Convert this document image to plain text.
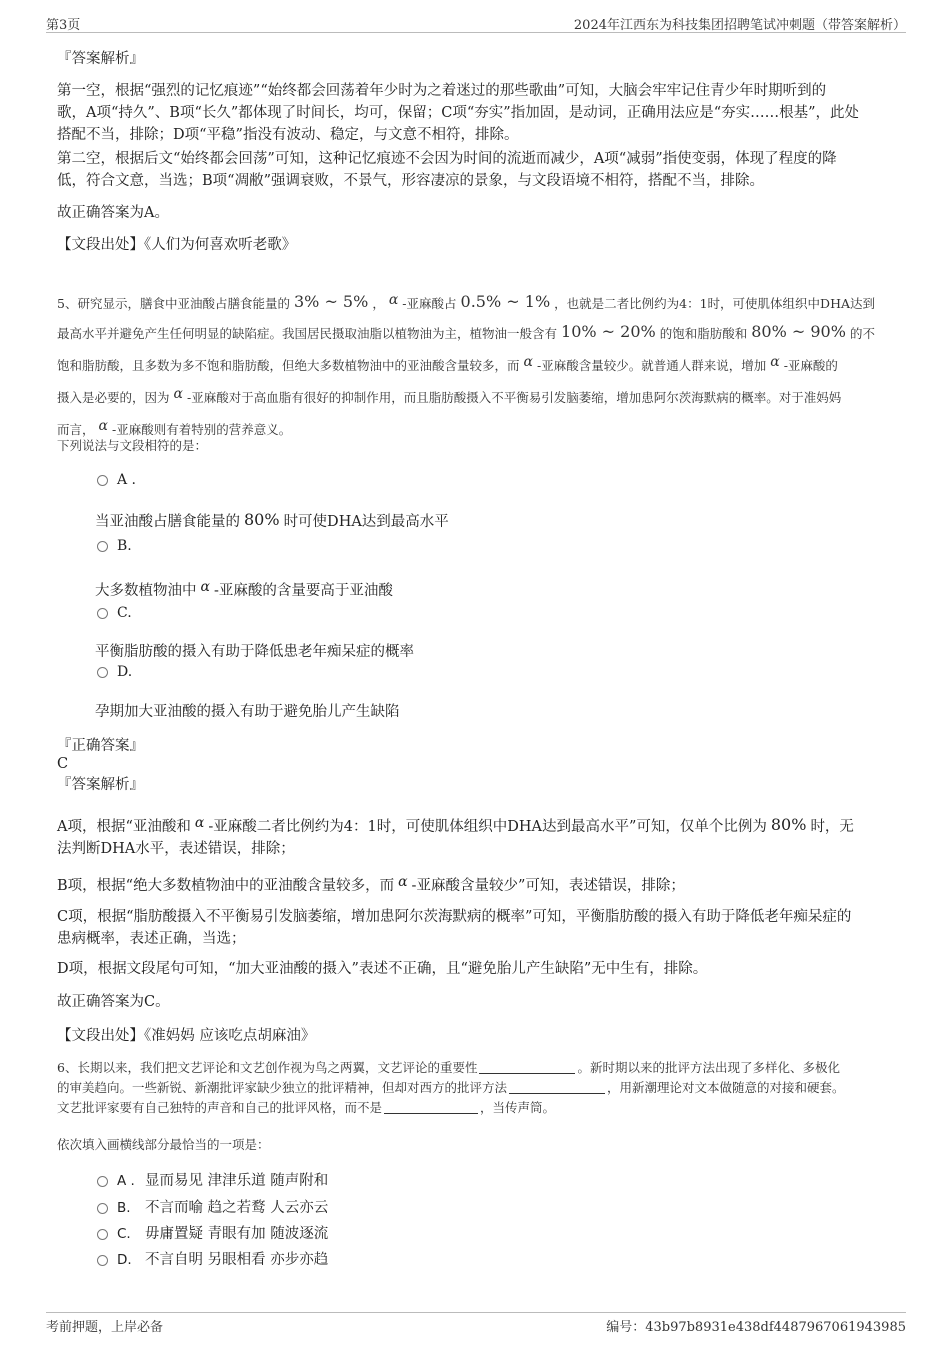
第3页	2024年江西东为科技集团招聘笔试冲刺题（带答案解析）
『答案解析』
第一空，根据“强烈的记忆痕迹”“始终都会回荡着年少时为之着迷过的那些歌曲”可知，大脑会牢牢记住青少年时期听到的
歌，A项“持久”、B项“长久”都体现了时间长，均可，保留；C项“夯实”指加固，是动词，正确用法应是“夯实……根基”，此处
搭配不当，排除；D项“平稳”指没有波动、稳定，与文意不相符，排除。
第二空，根据后文“始终都会回荡”可知，这种记忆痕迹不会因为时间的流逝而减少，A项“减弱”指使变弱，体现了程度的降
低，符合文意，当选；B项“凋敝”强调衰败，不景气，形容凄凉的景象，与文段语境不相符，搭配不当，排除。
故正确答案为A。
【文段出处】《人们为何喜欢听老歌》
5、研究显示，膳食中亚油酸占膳食能量的 3% ~ 5% ， α -亚麻酸占 0.5% ~ 1% ，也就是二者比例约为4：1时，可使肌体组织中DHA达到
最高水平并避免产生任何明显的缺陷症。我国居民摄取油脂以植物油为主，植物油一般含有 10% ~ 20% 的饱和脂肪酸和 80% ~ 90% 的不
饱和脂肪酸，且多数为多不饱和脂肪酸，但绝大多数植物油中的亚油酸含量较多，而 α -亚麻酸含量较少。就普通人群来说，增加 α -亚麻酸的
摄入是必要的，因为 α -亚麻酸对于高血脂有很好的抑制作用，而且脂肪酸摄入不平衡易引发脑萎缩，增加患阿尔茨海默病的概率。对于准妈妈
而言， α -亚麻酸则有着特别的营养意义。
下列说法与文段相符的是：
A .
当亚油酸占膳食能量的 80% 时可使DHA达到最高水平
B.
大多数植物油中 α -亚麻酸的含量要高于亚油酸
C.
平衡脂肪酸的摄入有助于降低患老年痴呆症的概率
D.
孕期加大亚油酸的摄入有助于避免胎儿产生缺陷
『正确答案』
C
『答案解析』
A项，根据“亚油酸和 α -亚麻酸二者比例约为4：1时，可使肌体组织中DHA达到最高水平”可知，仅单个比例为 80% 时，无
法判断DHA水平，表述错误，排除；
B项，根据“绝大多数植物油中的亚油酸含量较多，而 α -亚麻酸含量较少”可知，表述错误，排除；
C项，根据“脂肪酸摄入不平衡易引发脑萎缩，增加患阿尔茨海默病的概率”可知，平衡脂肪酸的摄入有助于降低老年痴呆症的
患病概率，表述正确，当选；
D项，根据文段尾句可知，“加大亚油酸的摄入”表述不正确，且“避免胎儿产生缺陷”无中生有，排除。
故正确答案为C。
【文段出处】《准妈妈 应该吃点胡麻油》
6、长期以来，我们把文艺评论和文艺创作视为鸟之两翼，文艺评论的重要性	。新时期以来的批评方法出现了多样化、多极化
的审美趋向。一些新锐、新潮批评家缺少独立的批评精神，但却对西方的批评方法	，用新潮理论对文本做随意的对接和硬套。
文艺批评家要有自己独特的声音和自己的批评风格，而不是	，当传声筒。
依次填入画横线部分最恰当的一项是：
A . 显而易见 津津乐道 随声附和
B. 不言而喻 趋之若鹜 人云亦云
C. 毋庸置疑 青眼有加 随波逐流
D. 不言自明 另眼相看 亦步亦趋
考前押题，上岸必备	编号：43b97b8931e438df4487967061943985
